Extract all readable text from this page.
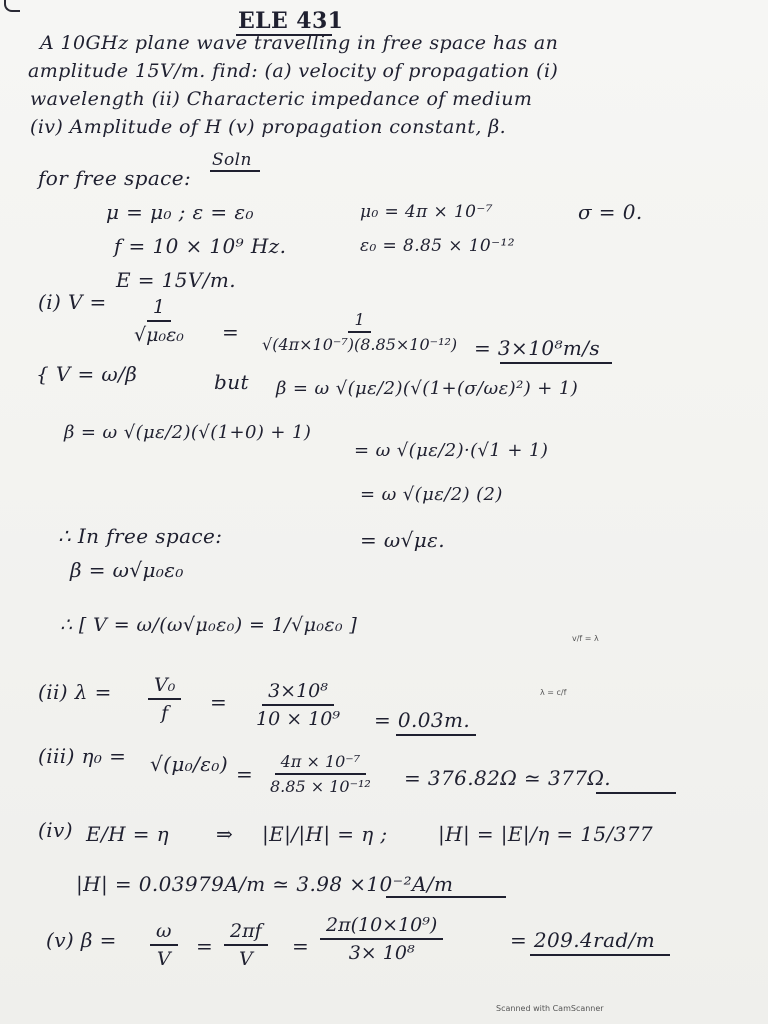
ELE 431
A 10GHz plane wave travelling in free space has an
amplitude 15V/m. find: (a) velocity of propagation (i)
wavelength (ii) Characteric impedance of medium
(iv) Amplitude of H (v) propagation constant, β.
Soln
for free space:
μ = μ₀ ; ε = ε₀	μ₀ = 4π × 10⁻⁷	σ = 0.
f = 10 × 10⁹ Hz.	ε₀ = 8.85 × 10⁻¹²
E = 15V/m.
(i) $V = \frac{1}{\text{√μ₀ε₀}} = \frac{1}{\text{√(4π×10⁻⁷)(8.85×10⁻¹²)}} = 3\times 10^8m/s$
{ V = ω/β	but β = ω √(με/2)(√(1+(σ/ωε)²) + 1)
β = ω √(με/2)(√(1+0) + 1)
= ω √(με/2)·(√1 + 1)
= ω √(με/2) (2)
∴ In free space:	= ω√με.
β = ω√μ₀ε₀
∴ [ V = ω/(ω√μ₀ε₀) = 1/√μ₀ε₀ ]
v/f = λ
λ = c/f
(ii) $\lambda = \frac{\text{V₀}}{f} = \frac{\text{3×10⁸}}{\text{10 × 10⁹}} = 0.03m$.
(iii) $\eta_0 = √(\mu_0/\varepsilon_0) = \frac{\text{4π × 10⁻⁷}}{\text{8.85 × 10⁻¹²}} = 376.82\Omega$ ≃ 377Ω.
(iv) E/H = η ⇒ |E|/|H| = η ;	|H| = |E|/η = 15/377
|H| = 0.03979A/m ≃ 3.98 ×10⁻²A/m
(v) $\beta = \frac{\omega}{V} = \frac{2\pi f}{V} = \frac{\text{2π(10×10⁹)}}{\text{3× 10⁸}}$	= 209.4rad/m
Scanned with CamScanner
